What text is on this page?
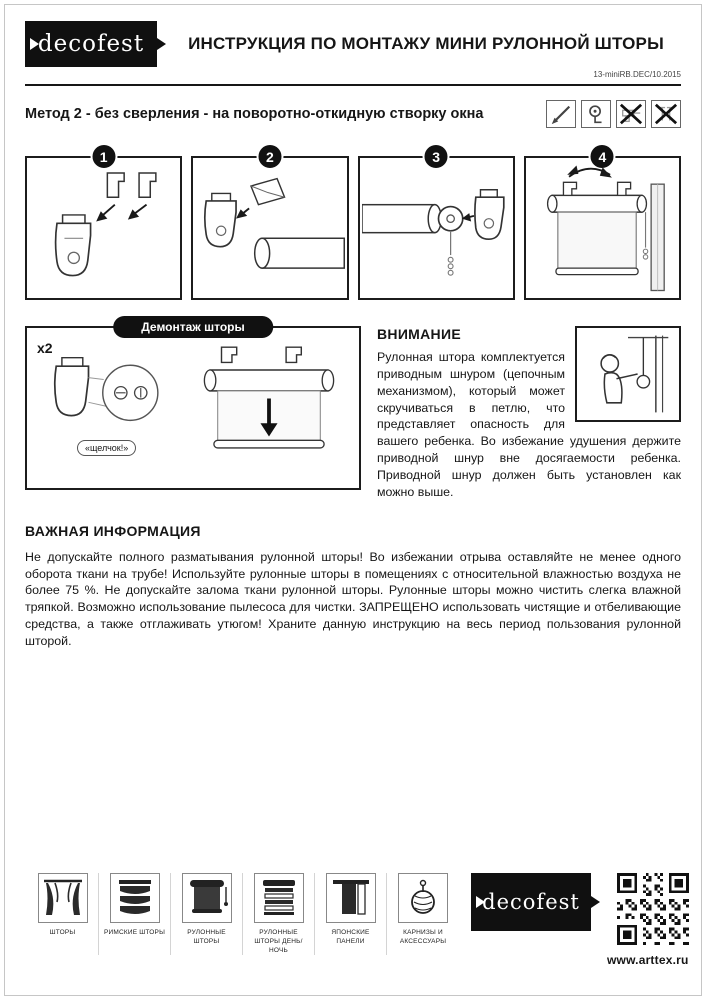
decofest	ИНСТРУКЦИЯ ПО МОНТАЖУ МИНИ РУЛОННОЙ ШТОРЫ
13-miniRB.DEC/10.2015
Метод 2 - без сверления - на поворотно-откидную створку окна
1	2	3	4
Демонтаж шторы
x2
«щелчок!»
ВНИМАНИЕ

Рулонная штора комплектуется приводным шнуром (цепочным механизмом), который может скручиваться в петлю, что представляет опасность для вашего ребенка. Во избежание удушения держите приводной шнур вне досягаемости ребенка. Приводной шнур должен быть установлен как можно выше.

ВАЖНАЯ ИНФОРМАЦИЯ

Не допускайте полного разматывания рулонной шторы! Во избежании отрыва оставляйте не менее одного оборота ткани на трубе! Используйте рулонные шторы в помещениях с относительной влажностью воздуха не более 75 %. Не допускайте залома ткани рулонной шторы. Рулонные шторы можно чистить слегка влажной тряпкой. Возможно использование пылесоса для чистки. ЗАПРЕЩЕНО использовать чистящие и отбеливающие средства, а также отглаживать утюгом! Храните данную инструкцию на весь период пользования рулонной шторой.

ШТОРЫ	РИМСКИЕ ШТОРЫ	РУЛОННЫЕ ШТОРЫ
РУЛОННЫЕ ШТОРЫ ДЕНЬ/НОЧЬ
ЯПОНСКИЕ ПАНЕЛИ
КАРНИЗЫ И АКСЕССУАРЫ
decofest
www.arttex.ru
